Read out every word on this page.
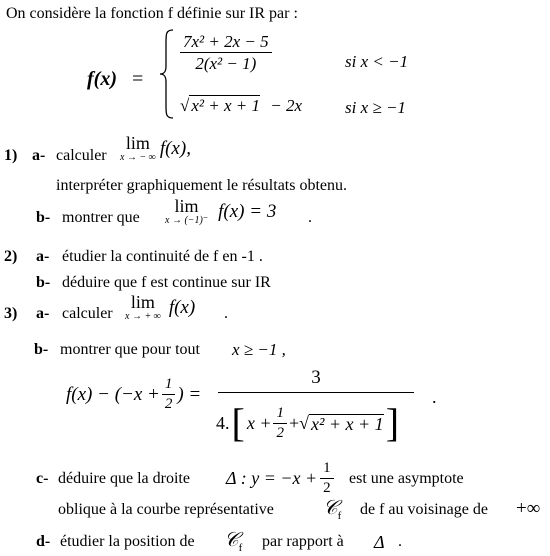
On considère la fonction f définie sur IR par :
f(x) =
$\frac{\text{7x² + 2x − 5}}{\text{2(x² − 1)}}$	si x < −1
√ x² + x + 1 − 2x	si x ≥ −1
1) a- calculer
lim
x → − ∞ f(x),
interpréter graphiquement le résultats obtenu.
b- montrer que
lim
x → (−1)⁻ f(x) = 3 .
2) a- étudier la continuité de f en -1 .
b- déduire que f est continue sur IR
3) a- calculer
lim
x → + ∞ f(x) .
b- montrer que pour tout x ≥ −1 ,
$f(x) - (-x + \frac{1}{2}$ ) =
3
4. [ $x + \frac{1}{2}$ + √ x² + x + 1 ]
.
c- déduire que la droite Δ : $y = -x + \frac{1}{2}$ est une asymptote
oblique à la courbe représentative 𝒞$_f$ de f au voisinage de +∞
d- étudier la position de 𝒞$_f$ par rapport à Δ .
